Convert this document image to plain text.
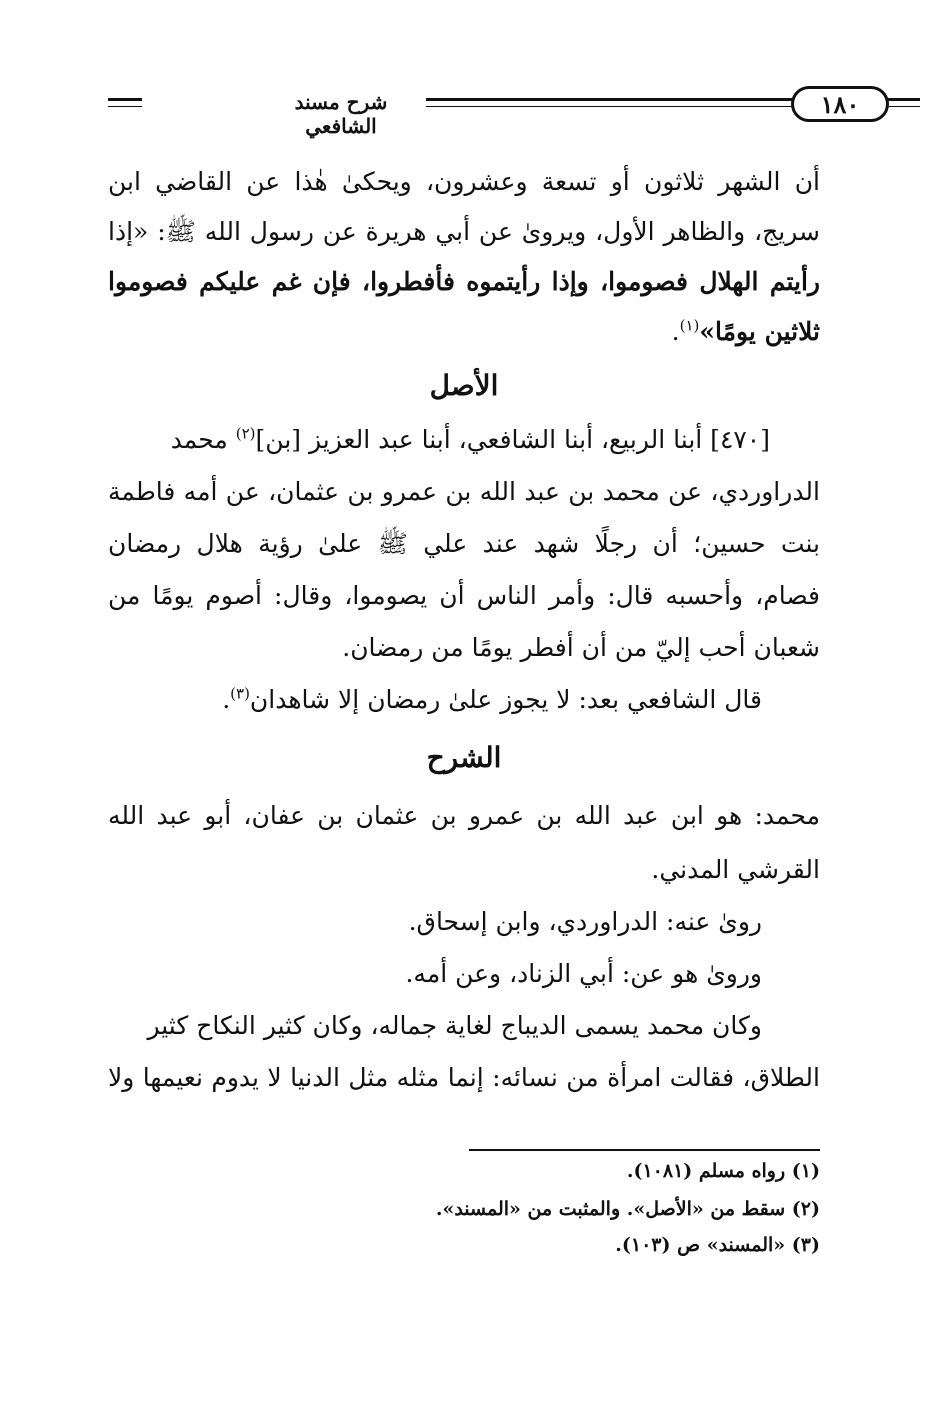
شرح مسند الشافعي
١٨٠
أن الشهر ثلاثون أو تسعة وعشرون، ويحكىٰ هٰذا عن القاضي ابن
سريج، والظاهر الأول، ويروىٰ عن أبي هريرة عن رسول الله ﷺ: «إذا
رأيتم الهلال فصوموا، وإذا رأيتموه فأفطروا، فإن غم عليكم فصوموا
ثلاثين يومًا»$^{(١)}$.
الأصل
[٤٧٠] أبنا الربيع، أبنا الشافعي، أبنا عبد العزيز [بن]$^{(٢)}$ محمد
الدراوردي، عن محمد بن عبد الله بن عمرو بن عثمان، عن أمه فاطمة
بنت حسين؛ أن رجلًا شهد عند علي ﷺ علىٰ رؤية هلال رمضان
فصام، وأحسبه قال: وأمر الناس أن يصوموا، وقال: أصوم يومًا من
شعبان أحب إليّ من أن أفطر يومًا من رمضان.
قال الشافعي بعد: لا يجوز علىٰ رمضان إلا شاهدان$^{(٣)}$.
الشرح
محمد: هو ابن عبد الله بن عمرو بن عثمان بن عفان، أبو عبد الله
القرشي المدني.
روىٰ عنه: الدراوردي، وابن إسحاق.
وروىٰ هو عن: أبي الزناد، وعن أمه.
وكان محمد يسمى الديباج لغاية جماله، وكان كثير النكاح كثير
الطلاق، فقالت امرأة من نسائه: إنما مثله مثل الدنيا لا يدوم نعيمها ولا
(١) رواه مسلم (١٠٨١).
(٢) سقط من «الأصل». والمثبت من «المسند».
(٣) «المسند» ص (١٠٣).
